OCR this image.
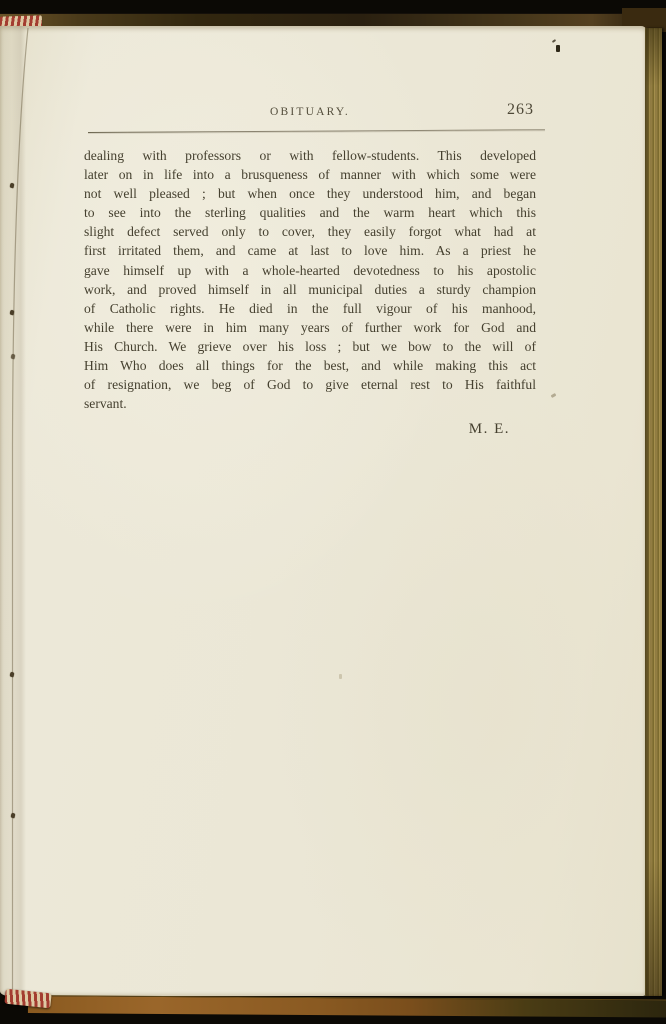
OBITUARY.	263
dealing with professors or with fellow-students. This developed
later on in life into a brusqueness of manner with which some were
not well pleased ; but when once they understood him, and began
to see into the sterling qualities and the warm heart which this
slight defect served only to cover, they easily forgot what had at
first irritated them, and came at last to love him. As a priest he
gave himself up with a whole-hearted devotedness to his apostolic
work, and proved himself in all municipal duties a sturdy champion
of Catholic rights. He died in the full vigour of his manhood,
while there were in him many years of further work for God and
His Church. We grieve over his loss ; but we bow to the will of
Him Who does all things for the best, and while making this act
of resignation, we beg of God to give eternal rest to His faithful
servant.
M. E.
